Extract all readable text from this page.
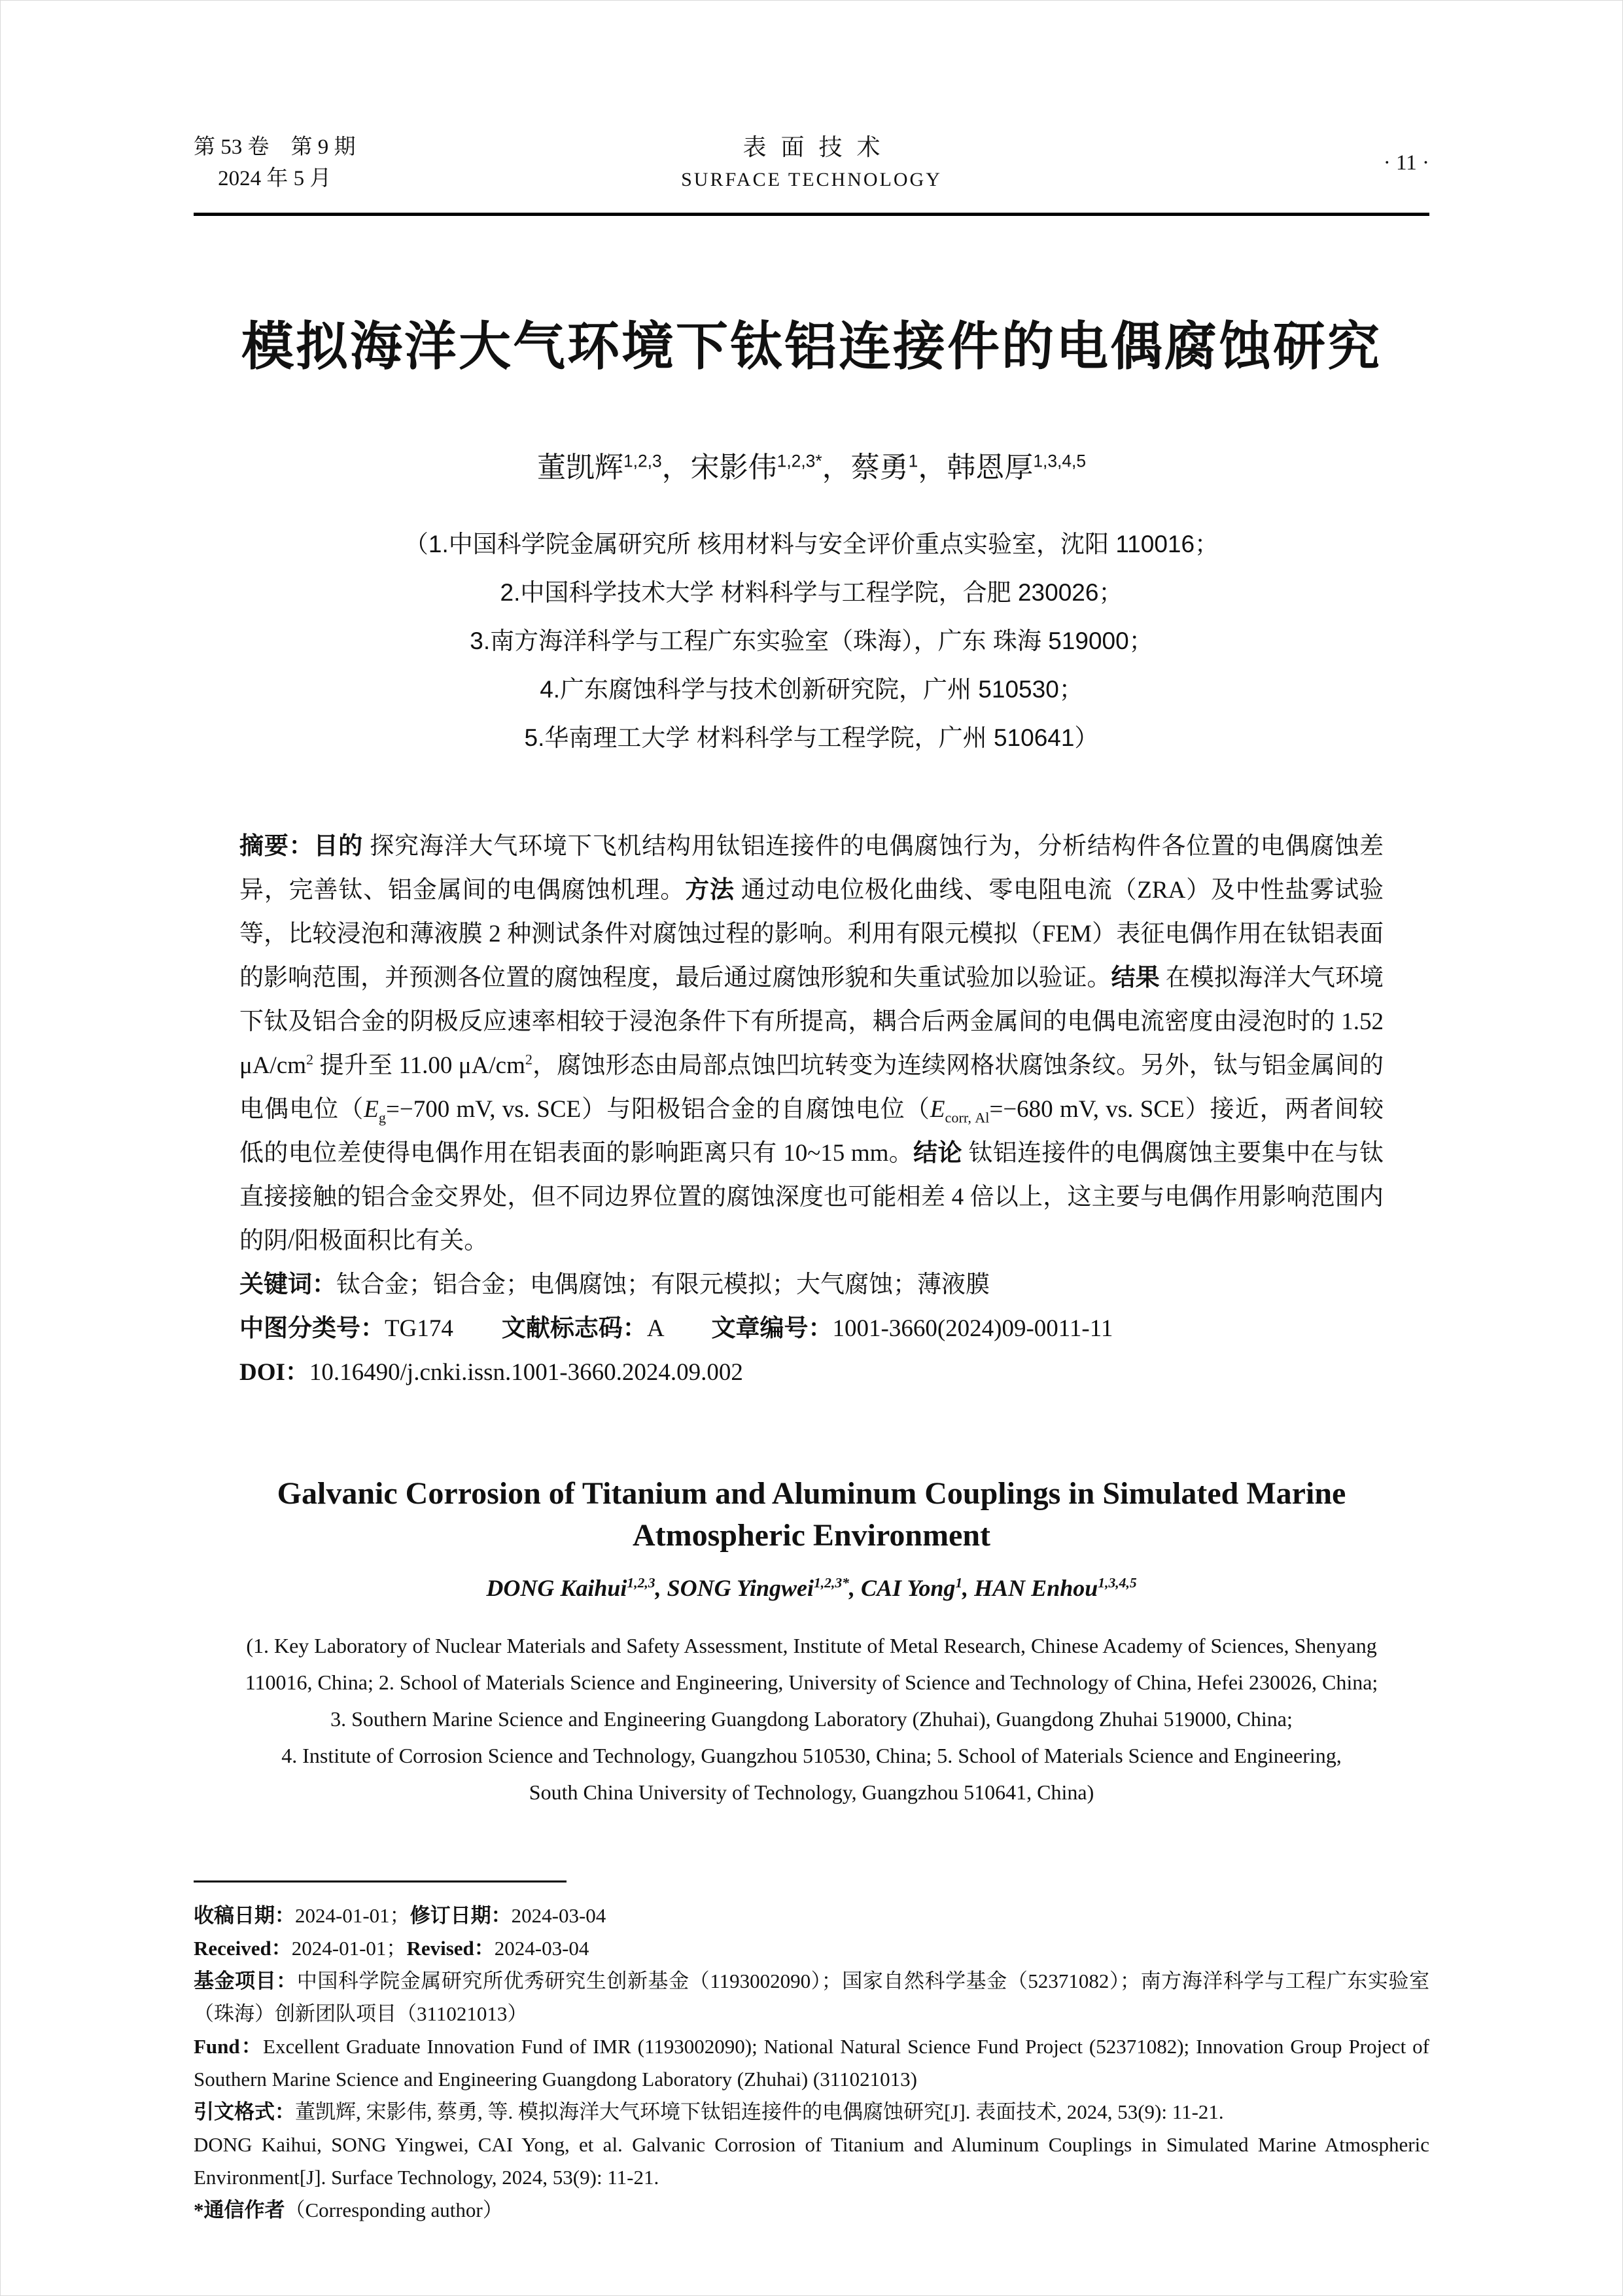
第 53 卷　第 9 期
2024 年 5 月
表面技术
SURFACE TECHNOLOGY
· 11 ·
模拟海洋大气环境下钛铝连接件的电偶腐蚀研究
董凯辉$^{1,2,3}$，宋影伟$^{1,2,3*}$，蔡勇$^1$，韩恩厚$^{1,3,4,5}$
（1.中国科学院金属研究所 核用材料与安全评价重点实验室，沈阳 110016；
2.中国科学技术大学 材料科学与工程学院，合肥 230026；
3.南方海洋科学与工程广东实验室（珠海），广东 珠海 519000；
4.广东腐蚀科学与技术创新研究院，广州 510530；
5.华南理工大学 材料科学与工程学院，广州 510641）

摘要：目的 探究海洋大气环境下飞机结构用钛铝连接件的电偶腐蚀行为，分析结构件各位置的电偶腐蚀差异，完善钛、铝金属间的电偶腐蚀机理。方法 通过动电位极化曲线、零电阻电流（ZRA）及中性盐雾试验等，比较浸泡和薄液膜 2 种测试条件对腐蚀过程的影响。利用有限元模拟（FEM）表征电偶作用在钛铝表面的影响范围，并预测各位置的腐蚀程度，最后通过腐蚀形貌和失重试验加以验证。结果 在模拟海洋大气环境下钛及铝合金的阴极反应速率相较于浸泡条件下有所提高，耦合后两金属间的电偶电流密度由浸泡时的 1.52 $\mu A/cm^2$ 提升至 11.00 $\mu A/cm^2$，腐蚀形态由局部点蚀凹坑转变为连续网格状腐蚀条纹。另外，钛与铝金属间的电偶电位（$E_g=-700$ mV, vs. SCE）与阳极铝合金的自腐蚀电位（$E_{corr, Al}=-680$ mV, vs. SCE）接近，两者间较低的电位差使得电偶作用在铝表面的影响距离只有 10~15 mm。结论 钛铝连接件的电偶腐蚀主要集中在与钛直接接触的铝合金交界处，但不同边界位置的腐蚀深度也可能相差 4 倍以上，这主要与电偶作用影响范围内的阴/阳极面积比有关。

关键词：钛合金；铝合金；电偶腐蚀；有限元模拟；大气腐蚀；薄液膜

中图分类号：TG174　　文献标志码：A　　文章编号：1001-3660(2024)09-0011-11

DOI：10.16490/j.cnki.issn.1001-3660.2024.09.002

Galvanic Corrosion of Titanium and Aluminum Couplings in Simulated Marine Atmospheric Environment
DONG Kaihui$^{1,2,3}$, SONG Yingwei$^{1,2,3*}$, CAI Yong$^1$, HAN Enhou$^{1,3,4,5}$
(1. Key Laboratory of Nuclear Materials and Safety Assessment, Institute of Metal Research, Chinese Academy of Sciences, Shenyang
110016, China; 2. School of Materials Science and Engineering, University of Science and Technology of China, Hefei 230026, China;
3. Southern Marine Science and Engineering Guangdong Laboratory (Zhuhai), Guangdong Zhuhai 519000, China;
4. Institute of Corrosion Science and Technology, Guangzhou 510530, China; 5. School of Materials Science and Engineering,
South China University of Technology, Guangzhou 510641, China)

收稿日期：2024-01-01；修订日期：2024-03-04

Received：2024-01-01；Revised：2024-03-04

基金项目：中国科学院金属研究所优秀研究生创新基金（1193002090）；国家自然科学基金（52371082）；南方海洋科学与工程广东实验室（珠海）创新团队项目（311021013）

Fund：Excellent Graduate Innovation Fund of IMR (1193002090); National Natural Science Fund Project (52371082); Innovation Group Project of Southern Marine Science and Engineering Guangdong Laboratory (Zhuhai) (311021013)

引文格式：董凯辉, 宋影伟, 蔡勇, 等. 模拟海洋大气环境下钛铝连接件的电偶腐蚀研究[J]. 表面技术, 2024, 53(9): 11-21.

DONG Kaihui, SONG Yingwei, CAI Yong, et al. Galvanic Corrosion of Titanium and Aluminum Couplings in Simulated Marine Atmospheric Environment[J]. Surface Technology, 2024, 53(9): 11-21.

*通信作者（Corresponding author）
